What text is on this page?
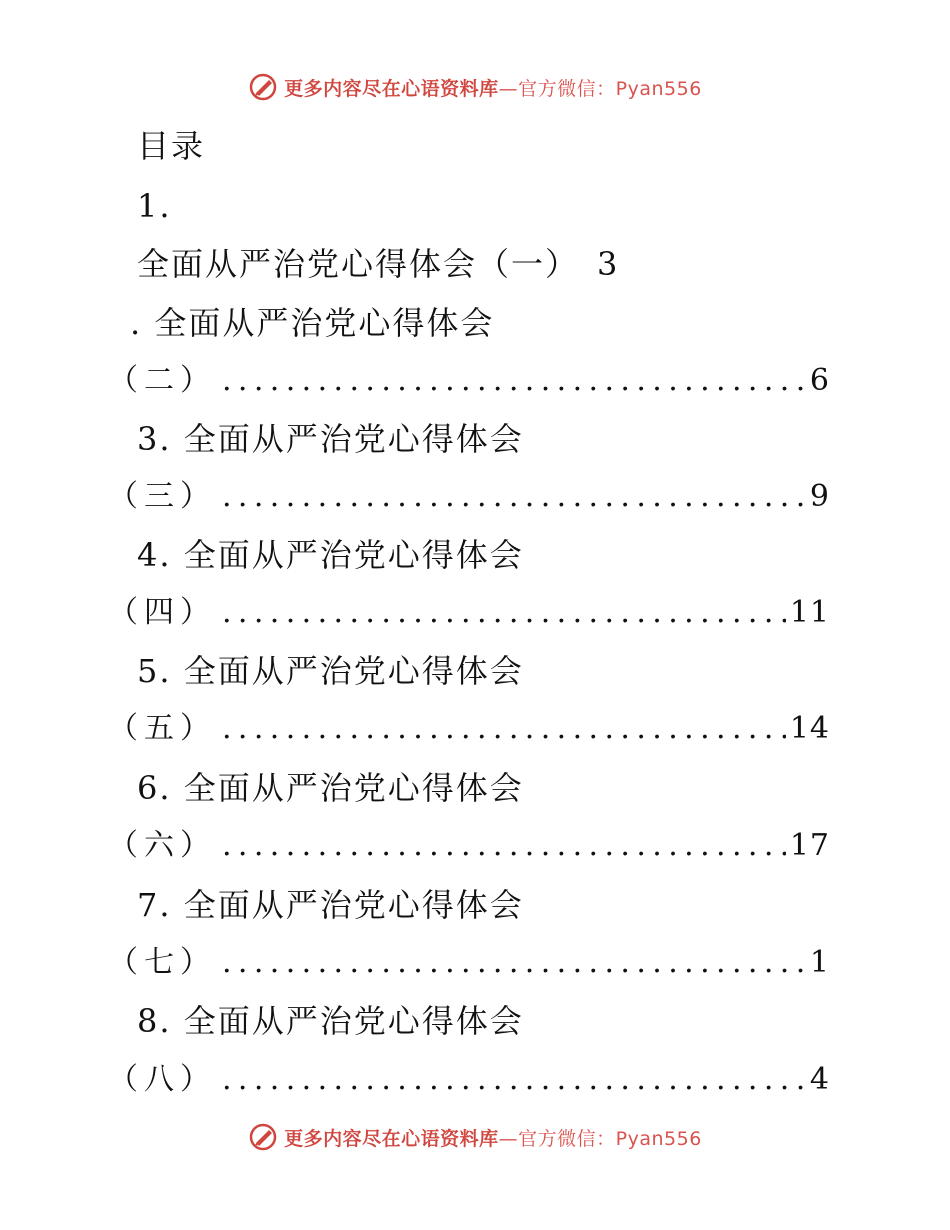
更多内容尽在心语资料库—官方微信：Pyan556
目录
1.
全面从严治党心得体会（一） 3
. 全面从严治党心得体会
（二） .....	6
3. 全面从严治党心得体会
（三） .....	9
4. 全面从严治党心得体会
（四） .....	11
5. 全面从严治党心得体会
（五） .....	14
6. 全面从严治党心得体会
（六） .....	17
7. 全面从严治党心得体会
（七） .....	1
8. 全面从严治党心得体会
（八） .....	4
更多内容尽在心语资料库—官方微信：Pyan556
